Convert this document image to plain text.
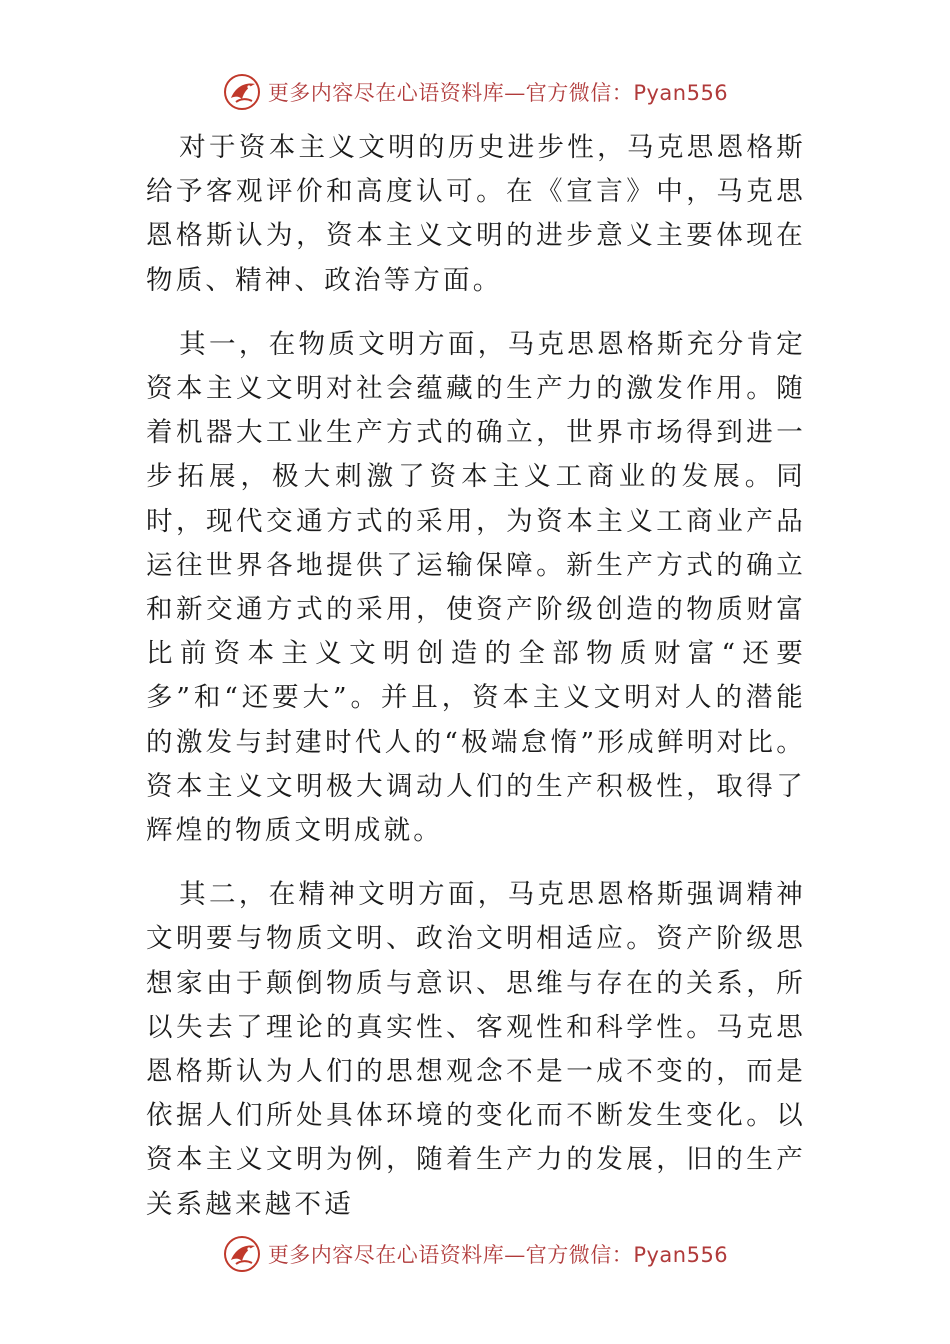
更多内容尽在心语资料库—官方微信：Pyan556

对于资本主义文明的历史进步性，马克思恩格斯给予客观评价和高度认可。在《宣言》中，马克思恩格斯认为，资本主义文明的进步意义主要体现在物质、精神、政治等方面。

其一，在物质文明方面，马克思恩格斯充分肯定资本主义文明对社会蕴藏的生产力的激发作用。随着机器大工业生产方式的确立，世界市场得到进一步拓展，极大刺激了资本主义工商业的发展。同时，现代交通方式的采用，为资本主义工商业产品运往世界各地提供了运输保障。新生产方式的确立和新交通方式的采用，使资产阶级创造的物质财富比前资本主义文明创造的全部物质财富“还要多”和“还要大”。并且，资本主义文明对人的潜能的激发与封建时代人的“极端怠惰”形成鲜明对比。资本主义文明极大调动人们的生产积极性，取得了辉煌的物质文明成就。

其二，在精神文明方面，马克思恩格斯强调精神文明要与物质文明、政治文明相适应。资产阶级思想家由于颠倒物质与意识、思维与存在的关系，所以失去了理论的真实性、客观性和科学性。马克思恩格斯认为人们的思想观念不是一成不变的，而是依据人们所处具体环境的变化而不断发生变化。以资本主义文明为例，随着生产力的发展，旧的生产关系越来越不适

更多内容尽在心语资料库—官方微信：Pyan556
